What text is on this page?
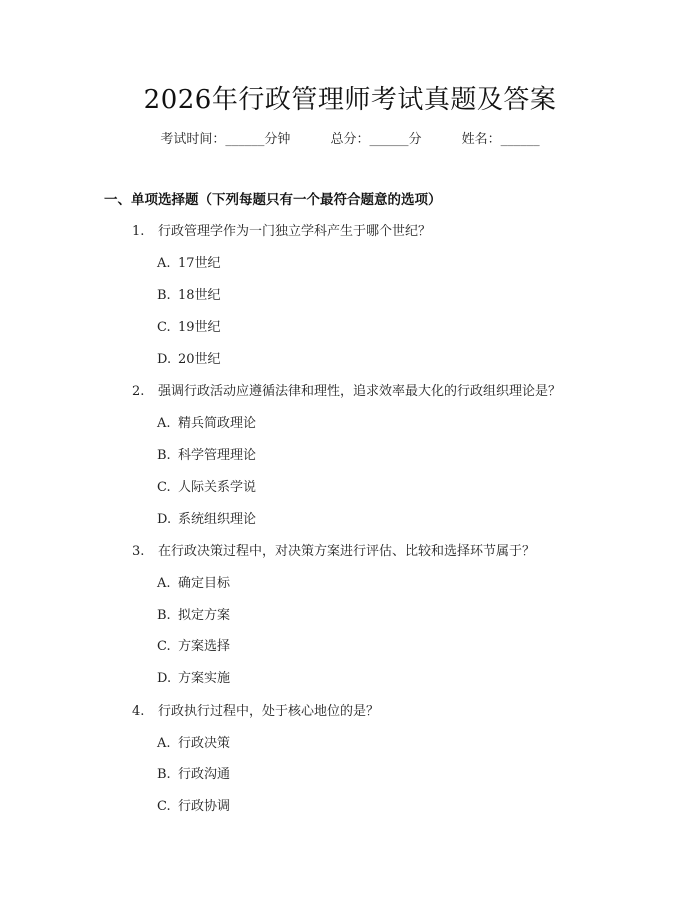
2026年行政管理师考试真题及答案
考试时间：______分钟	总分：______分	姓名：______
一、单项选择题（下列每题只有一个最符合题意的选项）
1. 行政管理学作为一门独立学科产生于哪个世纪？
A. 17世纪
B. 18世纪
C. 19世纪
D. 20世纪
2. 强调行政活动应遵循法律和理性，追求效率最大化的行政组织理论是？
A. 精兵简政理论
B. 科学管理理论
C. 人际关系学说
D. 系统组织理论
3. 在行政决策过程中，对决策方案进行评估、比较和选择环节属于？
A. 确定目标
B. 拟定方案
C. 方案选择
D. 方案实施
4. 行政执行过程中，处于核心地位的是？
A. 行政决策
B. 行政沟通
C. 行政协调
